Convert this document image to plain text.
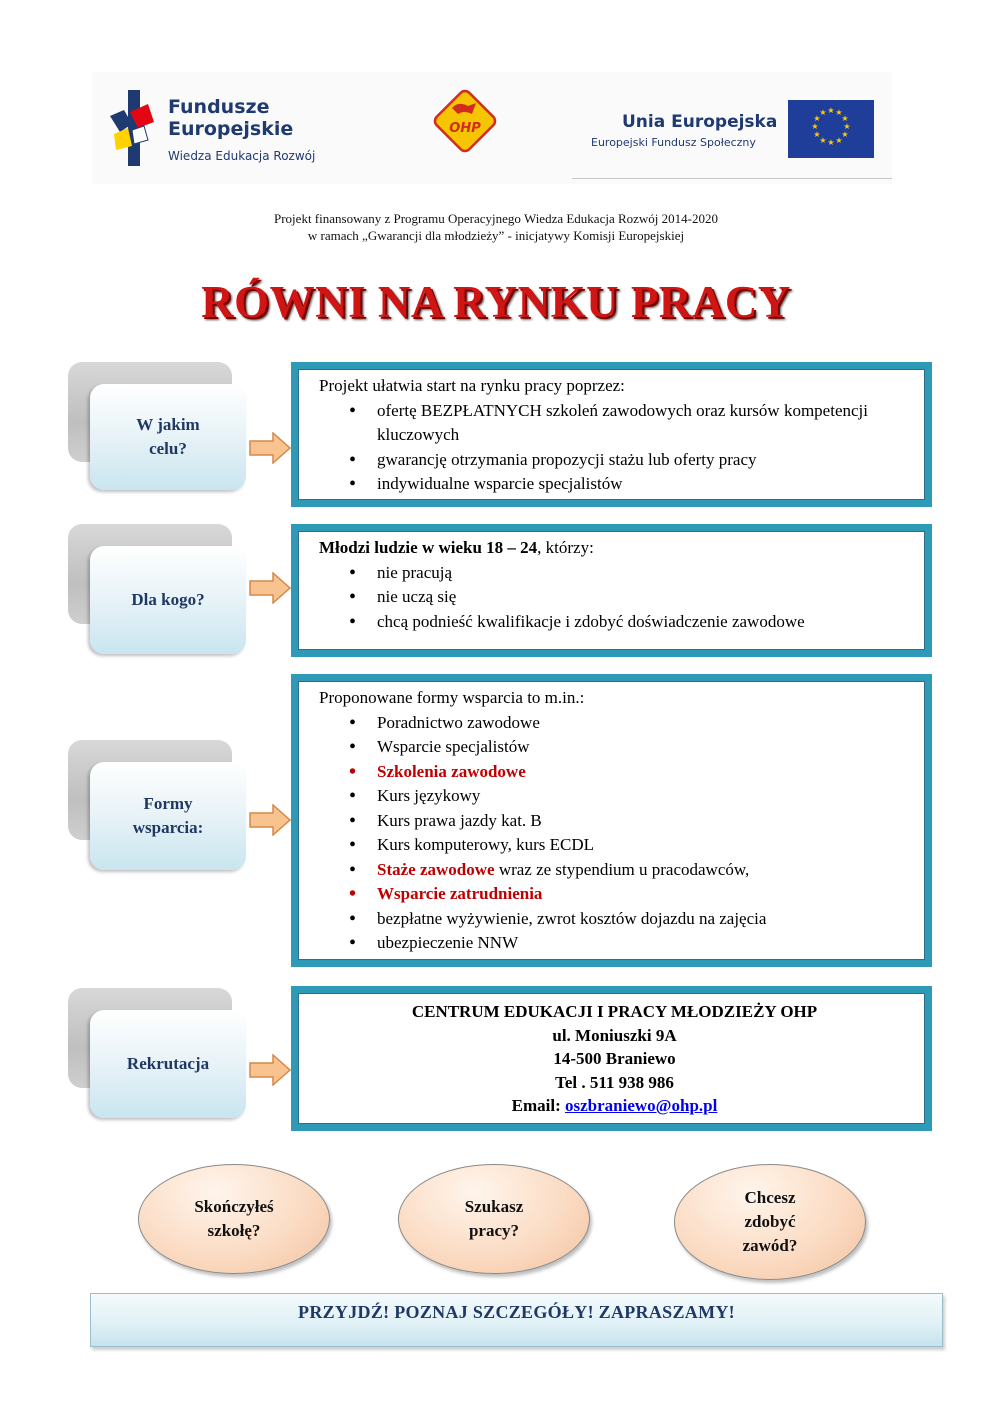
Fundusze
Europejskie
Wiedza Edukacja Rozwój
OHP	Unia Europejska
Europejski Fundusz Społeczny
★ ★
★
★
★
★
★
★
★
★
★
★
Projekt finansowany z Programu Operacyjnego Wiedza Edukacja Rozwój 2014-2020
w ramach „Gwarancji dla młodzieży” - inicjatywy Komisji Europejskiej
RÓWNI NA RYNKU PRACY
W jakim
celu?
Projekt ułatwia start na rynku pracy poprzez:
• ofertę BEZPŁATNYCH szkoleń zawodowych oraz kursów kompetencji kluczowych
• gwarancję otrzymania propozycji stażu lub oferty pracy
• indywidualne wsparcie specjalistów
Dla kogo?
Młodzi ludzie w wieku 18 – 24, którzy:
• nie pracują
• nie uczą się
• chcą podnieść kwalifikacje i zdobyć doświadczenie zawodowe
Formy
wsparcia:
Proponowane formy wsparcia to m.in.:
• Poradnictwo zawodowe
• Wsparcie specjalistów
• Szkolenia zawodowe
• Kurs językowy
• Kurs prawa jazdy kat. B
• Kurs komputerowy, kurs ECDL
• Staże zawodowe wraz ze stypendium u pracodawców,
• Wsparcie zatrudnienia
• bezpłatne wyżywienie, zwrot kosztów dojazdu na zajęcia
• ubezpieczenie NNW
Rekrutacja
CENTRUM EDUKACJI I PRACY MŁODZIEŻY OHP
ul. Moniuszki 9A
14-500 Braniewo
Tel . 511 938 986
Email: oszbraniewo@ohp.pl
Skończyłeś
szkołę?
Szukasz
pracy?
Chcesz
zdobyć
zawód?
PRZYJDŹ! POZNAJ SZCZEGÓŁY! ZAPRASZAMY!
